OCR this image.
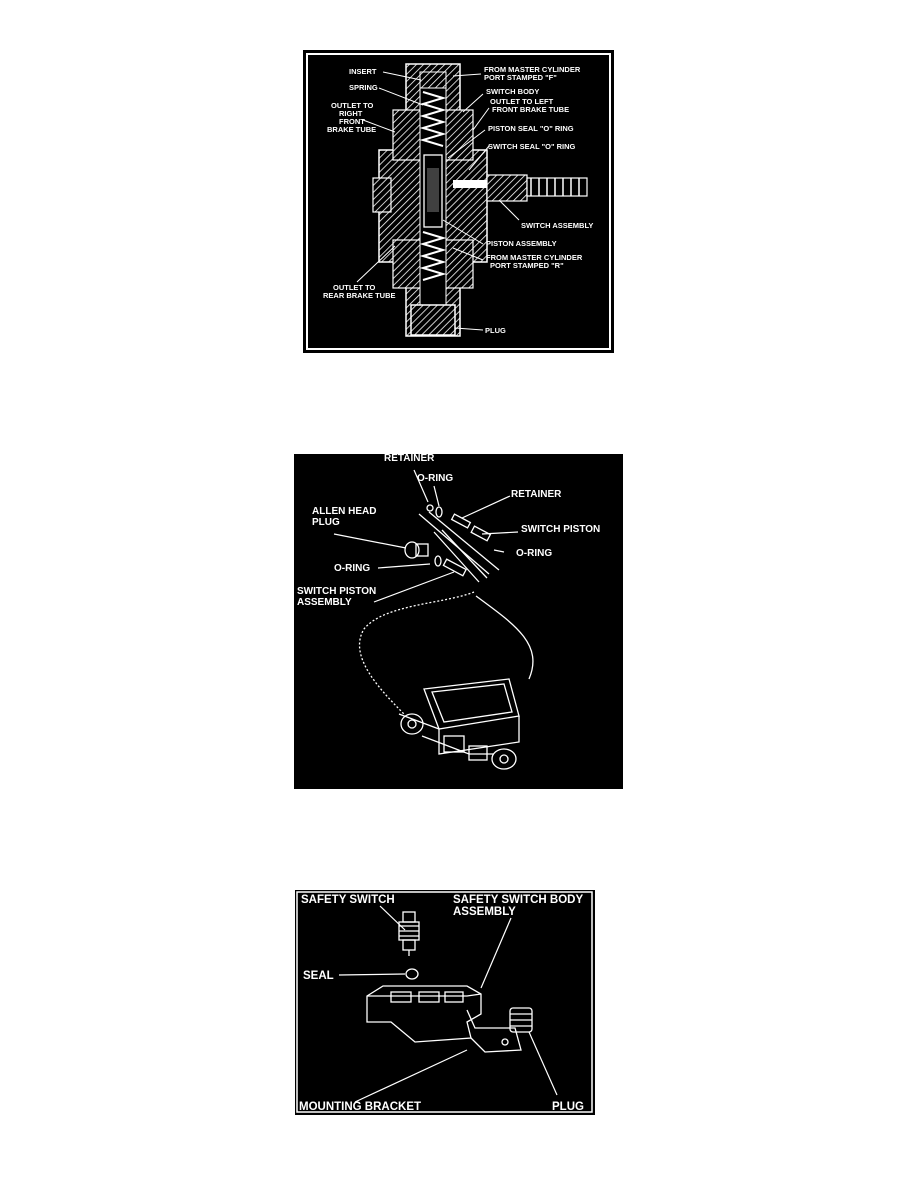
INSERT
SPRING
OUTLET TO
RIGHT
FRONT
BRAKE TUBE
FROM MASTER CYLINDER
PORT STAMPED "F"
SWITCH BODY
OUTLET TO LEFT
FRONT BRAKE TUBE
PISTON SEAL "O" RING
SWITCH SEAL "O" RING
SWITCH ASSEMBLY
PISTON ASSEMBLY
FROM MASTER CYLINDER
PORT STAMPED "R"
OUTLET TO
REAR BRAKE TUBE
PLUG
RETAINER
O-RING
RETAINER
ALLEN HEAD
PLUG
SWITCH PISTON
O-RING
O-RING
SWITCH PISTON
ASSEMBLY
SAFETY SWITCH	SAFETY SWITCH BODY
ASSEMBLY
SEAL
MOUNTING BRACKET	PLUG
